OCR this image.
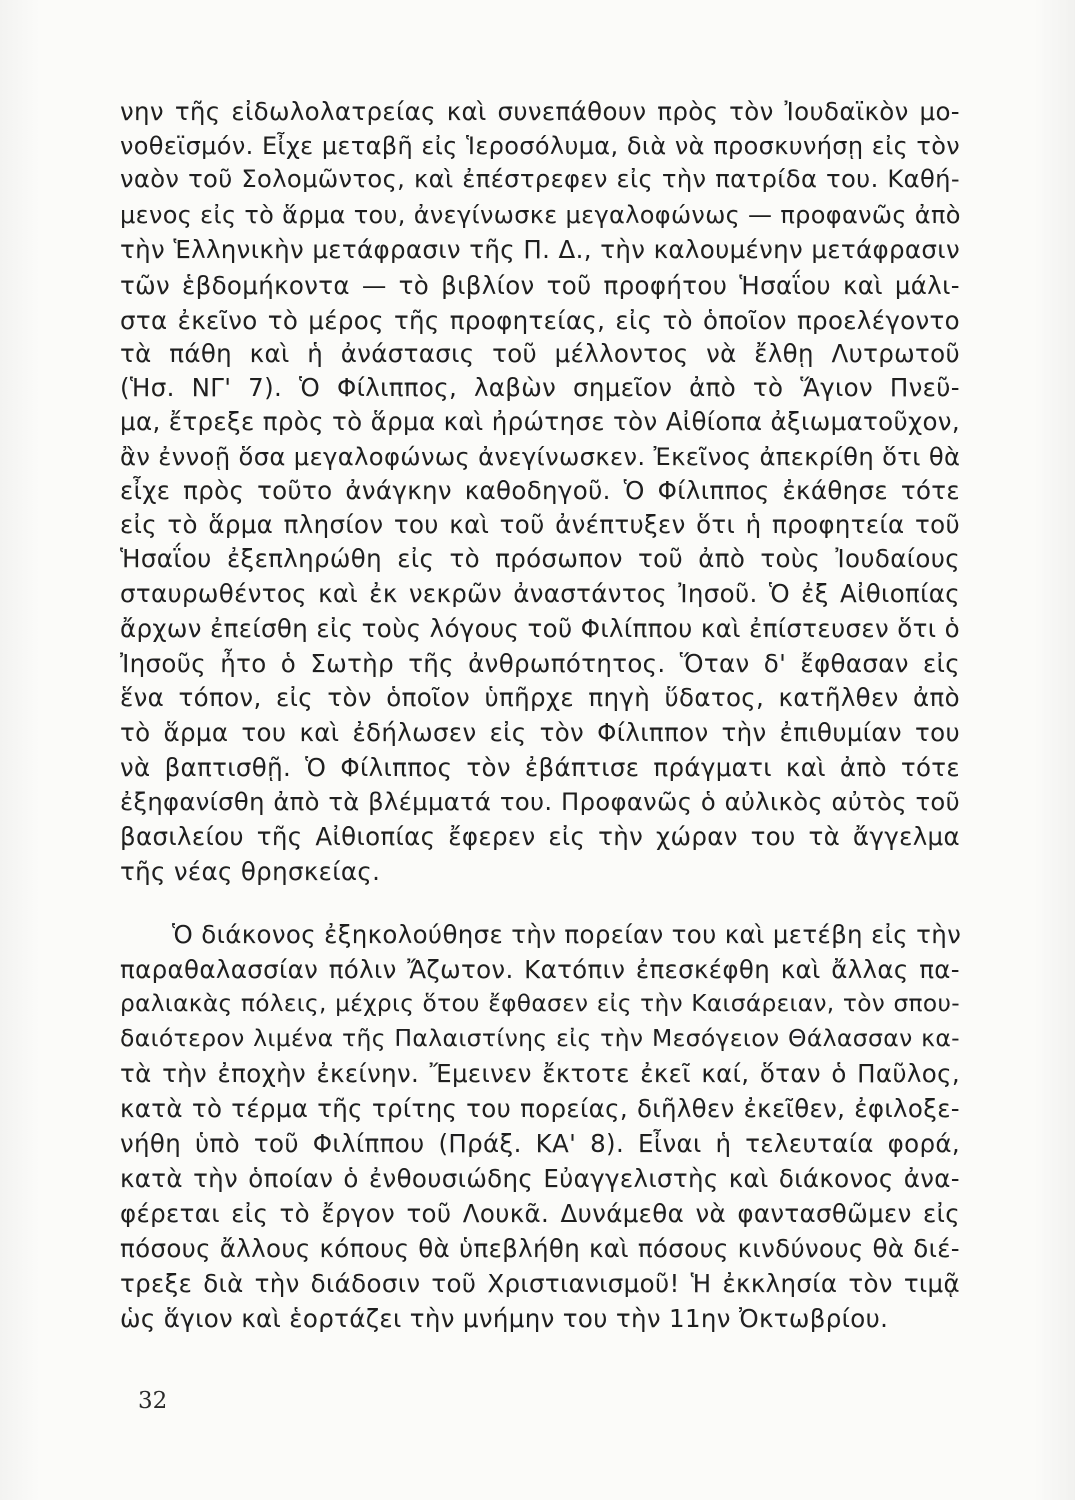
νην τῆς εἰδωλολατρείας καὶ συνεπάθουν πρὸς τὸν Ἰουδαϊκὸν μο-
νοθεϊσμόν. Εἶχε μεταβῆ εἰς Ἱεροσόλυμα, διὰ νὰ προσκυνήσῃ εἰς τὸν
ναὸν τοῦ Σολομῶντος, καὶ ἐπέστρεφεν εἰς τὴν πατρίδα του. Καθή-
μενος εἰς τὸ ἅρμα του, ἀνεγίνωσκε μεγαλοφώνως — προφανῶς ἀπὸ
τὴν Ἑλληνικὴν μετάφρασιν τῆς Π. Δ., τὴν καλουμένην μετάφρασιν
τῶν ἑβδομήκοντα — τὸ βιβλίον τοῦ προφήτου Ἡσαΐου καὶ μάλι-
στα ἐκεῖνο τὸ μέρος τῆς προφητείας, εἰς τὸ ὁποῖον προελέγοντο
τὰ πάθη καὶ ἡ ἀνάστασις τοῦ μέλλοντος νὰ ἔλθῃ Λυτρωτοῦ
(Ἡσ. ΝΓ' 7). Ὁ Φίλιππος, λαβὼν σημεῖον ἀπὸ τὸ Ἅγιον Πνεῦ-
μα, ἔτρεξε πρὸς τὸ ἅρμα καὶ ἠρώτησε τὸν Αἰθίοπα ἀξιωματοῦχον,
ἂν ἐννοῇ ὅσα μεγαλοφώνως ἀνεγίνωσκεν. Ἐκεῖνος ἀπεκρίθη ὅτι θὰ
εἶχε πρὸς τοῦτο ἀνάγκην καθοδηγοῦ. Ὁ Φίλιππος ἐκάθησε τότε
εἰς τὸ ἅρμα πλησίον του καὶ τοῦ ἀνέπτυξεν ὅτι ἡ προφητεία τοῦ
Ἡσαΐου ἐξεπληρώθη εἰς τὸ πρόσωπον τοῦ ἀπὸ τοὺς Ἰουδαίους
σταυρωθέντος καὶ ἐκ νεκρῶν ἀναστάντος Ἰησοῦ. Ὁ ἐξ Αἰθιοπίας
ἄρχων ἐπείσθη εἰς τοὺς λόγους τοῦ Φιλίππου καὶ ἐπίστευσεν ὅτι ὁ
Ἰησοῦς ἦτο ὁ Σωτὴρ τῆς ἀνθρωπότητος. Ὅταν δ' ἔφθασαν εἰς
ἕνα τόπον, εἰς τὸν ὁποῖον ὑπῆρχε πηγὴ ὕδατος, κατῆλθεν ἀπὸ
τὸ ἅρμα του καὶ ἐδήλωσεν εἰς τὸν Φίλιππον τὴν ἐπιθυμίαν του
νὰ βαπτισθῇ. Ὁ Φίλιππος τὸν ἐβάπτισε πράγματι καὶ ἀπὸ τότε
ἐξηφανίσθη ἀπὸ τὰ βλέμματά του. Προφανῶς ὁ αὐλικὸς αὐτὸς τοῦ
βασιλείου τῆς Αἰθιοπίας ἔφερεν εἰς τὴν χώραν του τὰ ἄγγελμα
τῆς νέας θρησκείας.
Ὁ διάκονος ἐξηκολούθησε τὴν πορείαν του καὶ μετέβη εἰς τὴν
παραθαλασσίαν πόλιν Ἄζωτον. Κατόπιν ἐπεσκέφθη καὶ ἄλλας πα-
ραλιακὰς πόλεις, μέχρις ὅτου ἔφθασεν εἰς τὴν Καισάρειαν, τὸν σπου-
δαιότερον λιμένα τῆς Παλαιστίνης εἰς τὴν Μεσόγειον Θάλασσαν κα-
τὰ τὴν ἐποχὴν ἐκείνην. Ἔμεινεν ἔκτοτε ἐκεῖ καί, ὅταν ὁ Παῦλος,
κατὰ τὸ τέρμα τῆς τρίτης του πορείας, διῆλθεν ἐκεῖθεν, ἐφιλοξε-
νήθη ὑπὸ τοῦ Φιλίππου (Πράξ. ΚΑ' 8). Εἶναι ἡ τελευταία φορά,
κατὰ τὴν ὁποίαν ὁ ἐνθουσιώδης Εὐαγγελιστὴς καὶ διάκονος ἀνα-
φέρεται εἰς τὸ ἔργον τοῦ Λουκᾶ. Δυνάμεθα νὰ φαντασθῶμεν εἰς
πόσους ἄλλους κόπους θὰ ὑπεβλήθη καὶ πόσους κινδύνους θὰ διέ-
τρεξε διὰ τὴν διάδοσιν τοῦ Χριστιανισμοῦ! Ἡ ἐκκλησία τὸν τιμᾷ
ὡς ἅγιον καὶ ἑορτάζει τὴν μνήμην του τὴν 11ην Ὀκτωβρίου.
32
